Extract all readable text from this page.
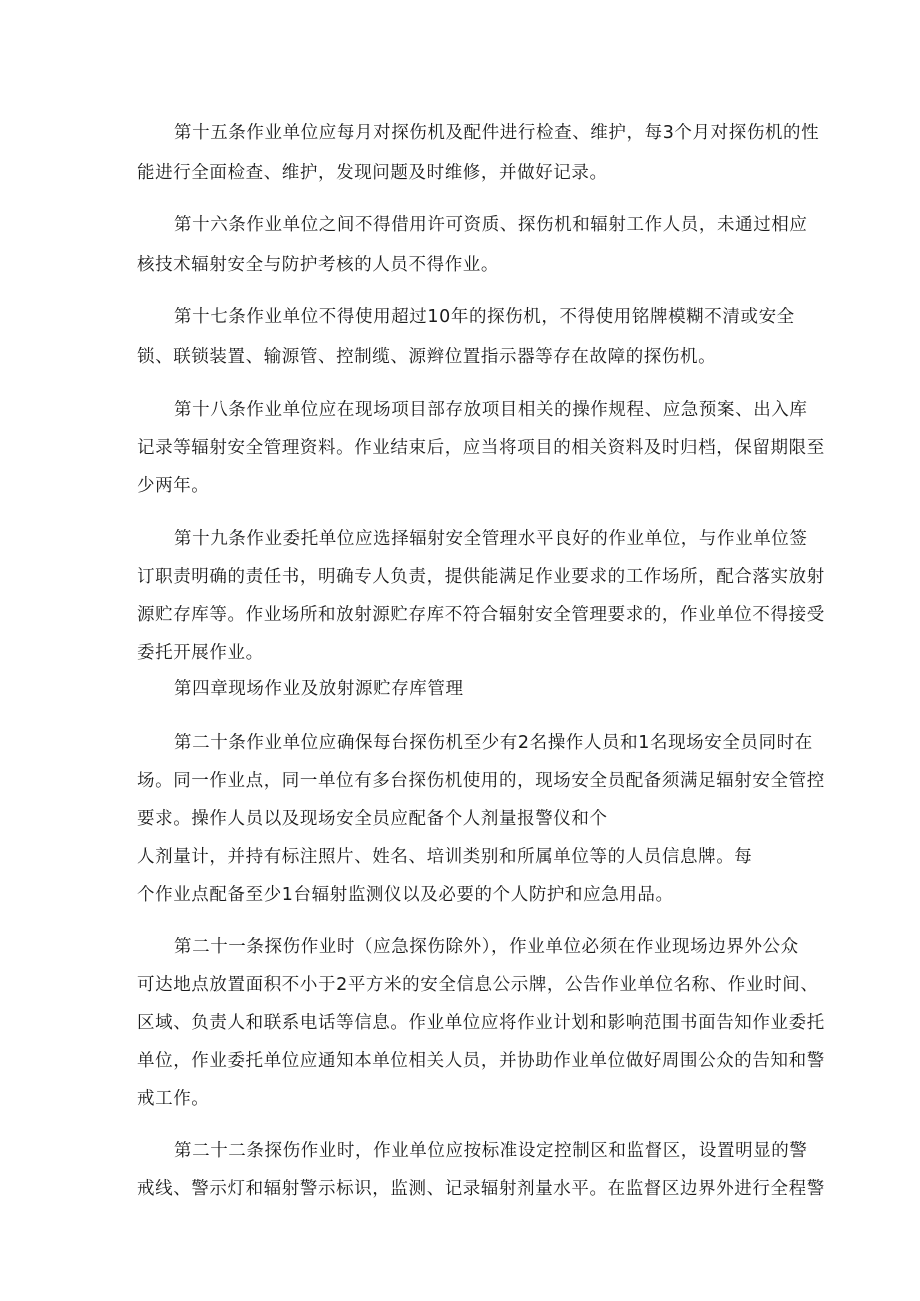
第十五条作业单位应每月对探伤机及配件进行检查、维护，每3个月对探伤机的性
能进行全面检查、维护，发现问题及时维修，并做好记录。
第十六条作业单位之间不得借用许可资质、探伤机和辐射工作人员，未通过相应
核技术辐射安全与防护考核的人员不得作业。
第十七条作业单位不得使用超过10年的探伤机，不得使用铭牌模糊不清或安全
锁、联锁装置、输源管、控制缆、源辫位置指示器等存在故障的探伤机。
第十八条作业单位应在现场项目部存放项目相关的操作规程、应急预案、出入库
记录等辐射安全管理资料。作业结束后，应当将项目的相关资料及时归档，保留期限至
少两年。
第十九条作业委托单位应选择辐射安全管理水平良好的作业单位，与作业单位签
订职责明确的责任书，明确专人负责，提供能满足作业要求的工作场所，配合落实放射
源贮存库等。作业场所和放射源贮存库不符合辐射安全管理要求的，作业单位不得接受
委托开展作业。
第四章现场作业及放射源贮存库管理
第二十条作业单位应确保每台探伤机至少有2名操作人员和1名现场安全员同时在
场。同一作业点，同一单位有多台探伤机使用的，现场安全员配备须满足辐射安全管控
要求。操作人员以及现场安全员应配备个人剂量报警仪和个
人剂量计，并持有标注照片、姓名、培训类别和所属单位等的人员信息牌。每
个作业点配备至少1台辐射监测仪以及必要的个人防护和应急用品。
第二十一条探伤作业时（应急探伤除外），作业单位必须在作业现场边界外公众
可达地点放置面积不小于2平方米的安全信息公示牌，公告作业单位名称、作业时间、
区域、负责人和联系电话等信息。作业单位应将作业计划和影响范围书面告知作业委托
单位，作业委托单位应通知本单位相关人员，并协助作业单位做好周围公众的告知和警
戒工作。
第二十二条探伤作业时，作业单位应按标准设定控制区和监督区，设置明显的警
戒线、警示灯和辐射警示标识，监测、记录辐射剂量水平。在监督区边界外进行全程警
